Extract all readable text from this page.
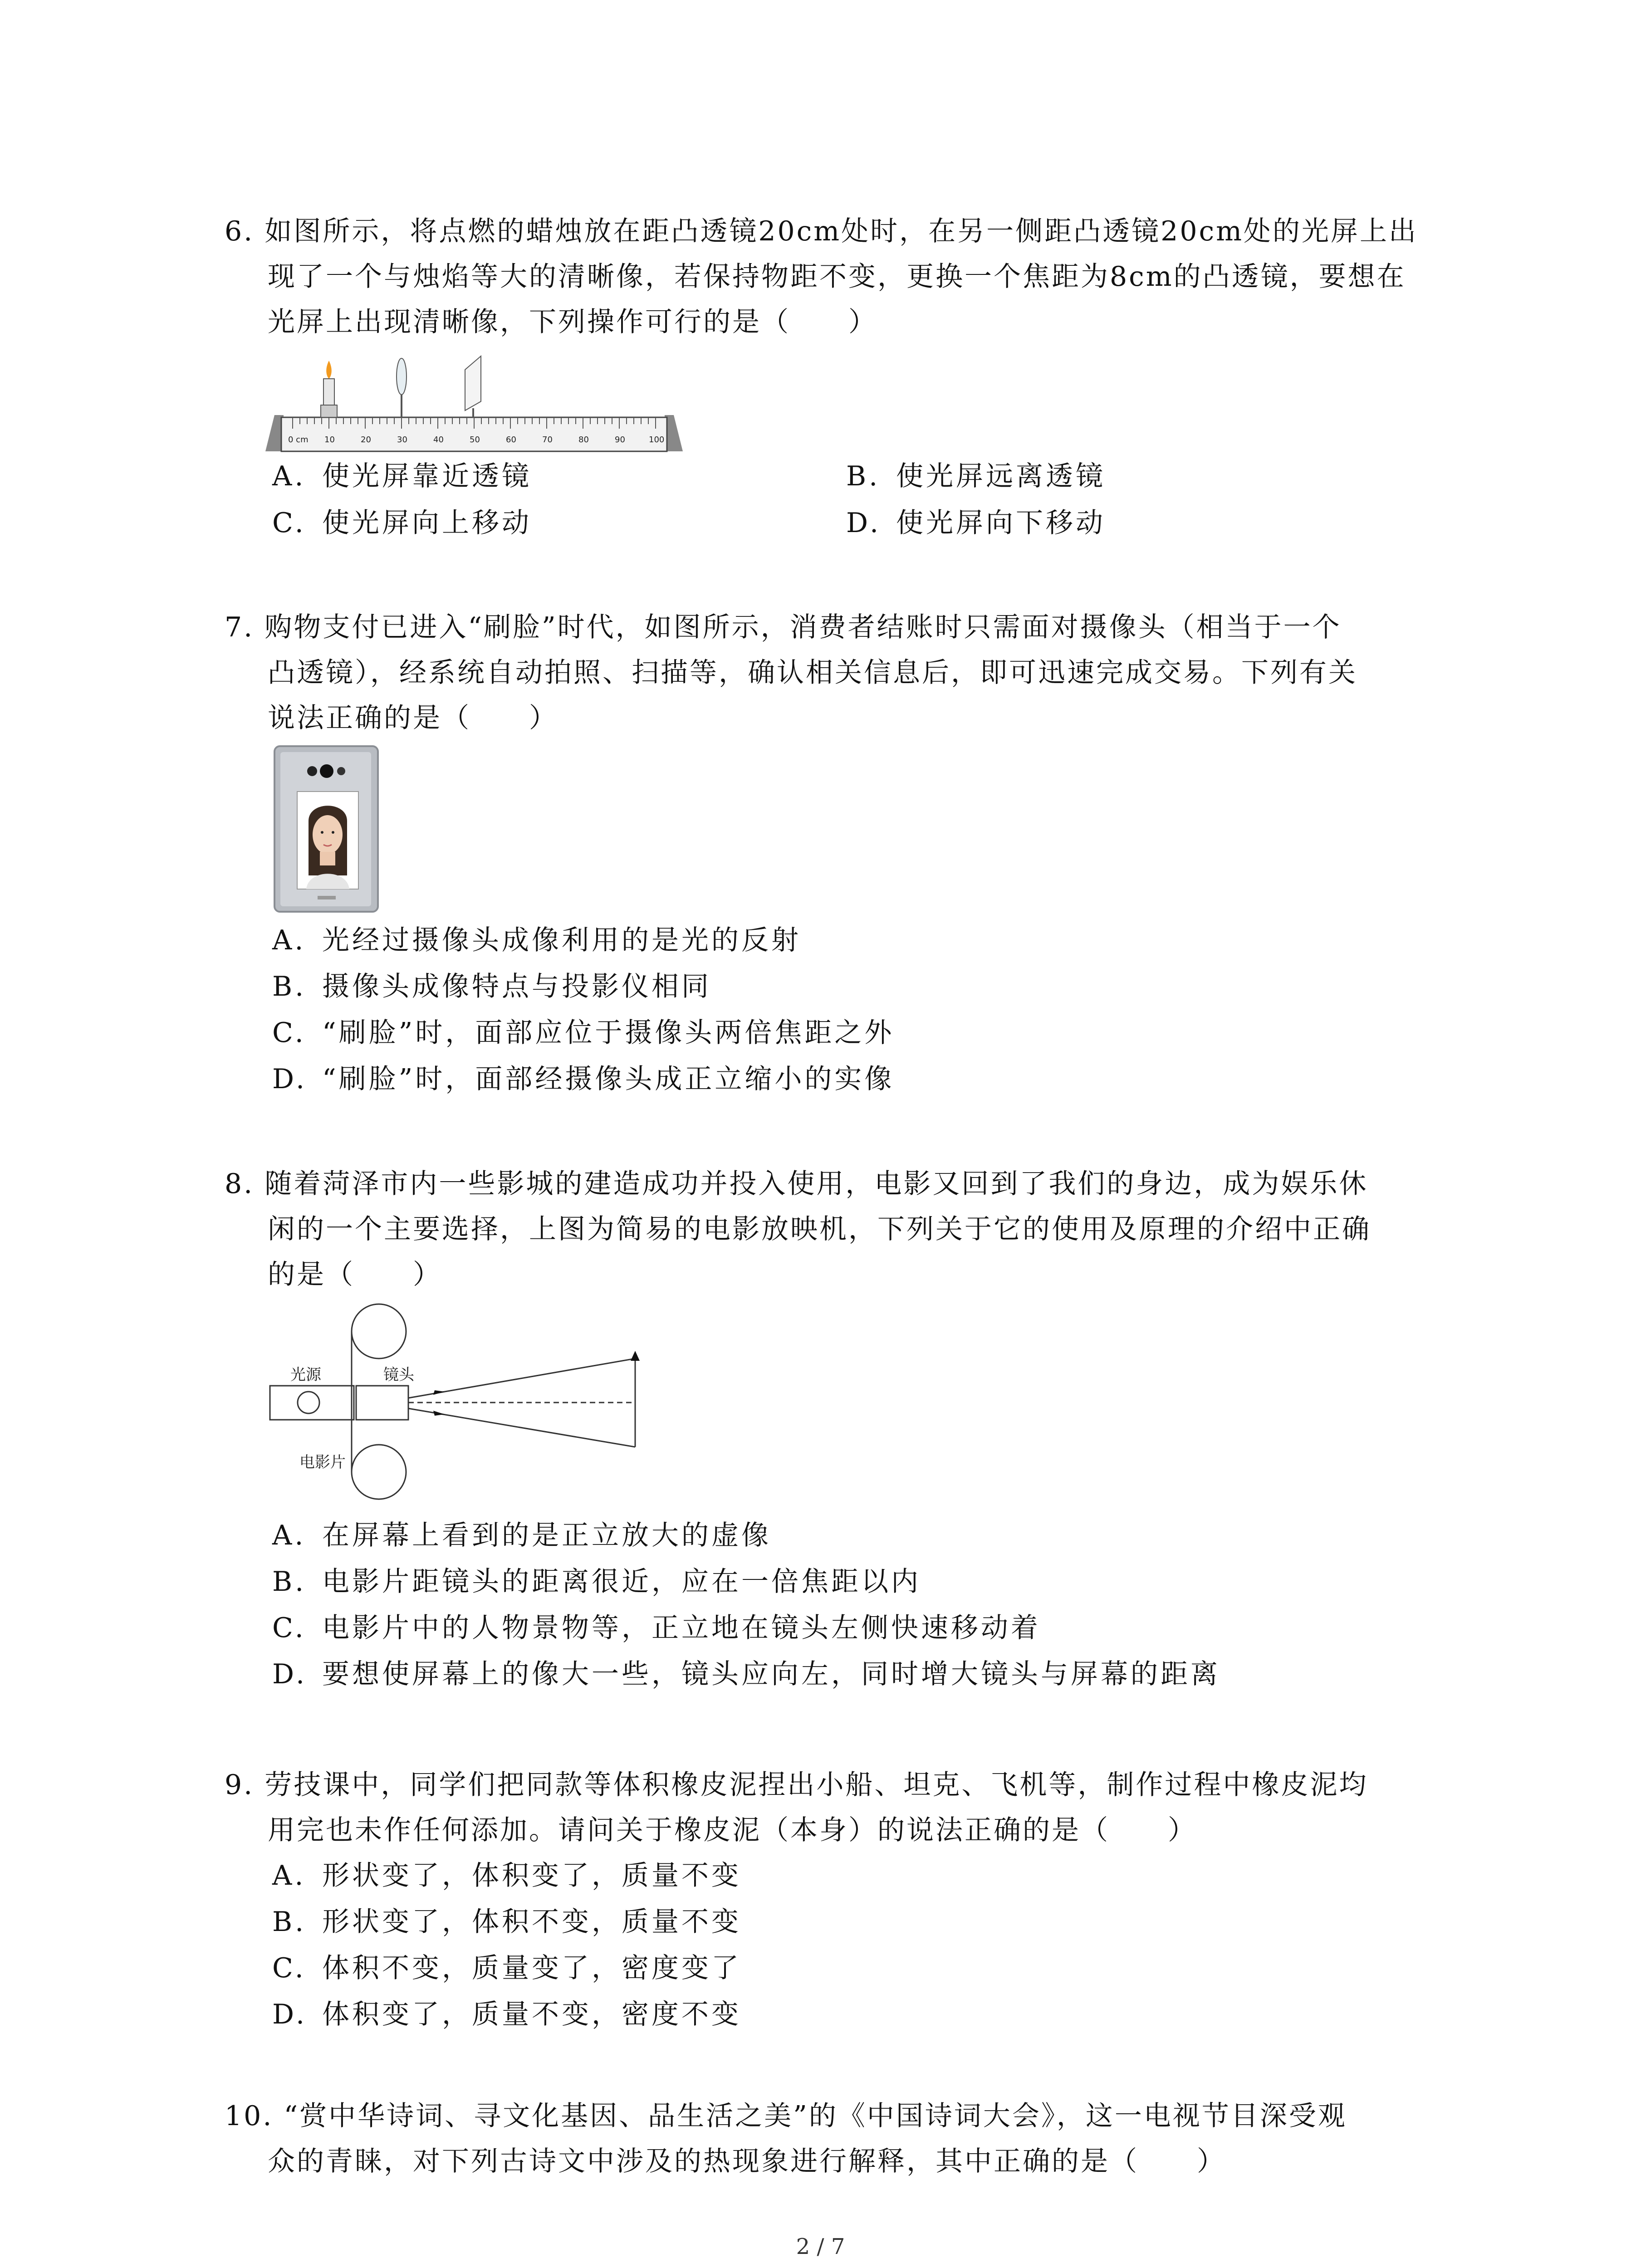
6. 如图所示，将点燃的蜡烛放在距凸透镜20cm处时，在另一侧距凸透镜20cm处的光屏上出
现了一个与烛焰等大的清晰像，若保持物距不变，更换一个焦距为8cm的凸透镜，要想在
光屏上出现清晰像，下列操作可行的是（　　）
0 cm 10	20	30	40	50	60	70	80	90	100
A. 使光屏靠近透镜	B. 使光屏远离透镜
C. 使光屏向上移动	D. 使光屏向下移动
7. 购物支付已进入“刷脸”时代，如图所示，消费者结账时只需面对摄像头（相当于一个
凸透镜），经系统自动拍照、扫描等，确认相关信息后，即可迅速完成交易。下列有关
说法正确的是（　　）
A. 光经过摄像头成像利用的是光的反射
B. 摄像头成像特点与投影仪相同
C. “刷脸”时，面部应位于摄像头两倍焦距之外
D. “刷脸”时，面部经摄像头成正立缩小的实像
8. 随着菏泽市内一些影城的建造成功并投入使用，电影又回到了我们的身边，成为娱乐休
闲的一个主要选择，上图为简易的电影放映机，下列关于它的使用及原理的介绍中正确
的是（　　）
光源	镜头
电影片
A. 在屏幕上看到的是正立放大的虚像
B. 电影片距镜头的距离很近，应在一倍焦距以内
C. 电影片中的人物景物等，正立地在镜头左侧快速移动着
D. 要想使屏幕上的像大一些，镜头应向左，同时增大镜头与屏幕的距离
9. 劳技课中，同学们把同款等体积橡皮泥捏出小船、坦克、飞机等，制作过程中橡皮泥均
用完也未作任何添加。请问关于橡皮泥（本身）的说法正确的是（　　）
A. 形状变了，体积变了，质量不变
B. 形状变了，体积不变，质量不变
C. 体积不变，质量变了，密度变了
D. 体积变了，质量不变，密度不变
10. “赏中华诗词、寻文化基因、品生活之美”的《中国诗词大会》，这一电视节目深受观
众的青睐，对下列古诗文中涉及的热现象进行解释，其中正确的是（　　）
2 / 7
